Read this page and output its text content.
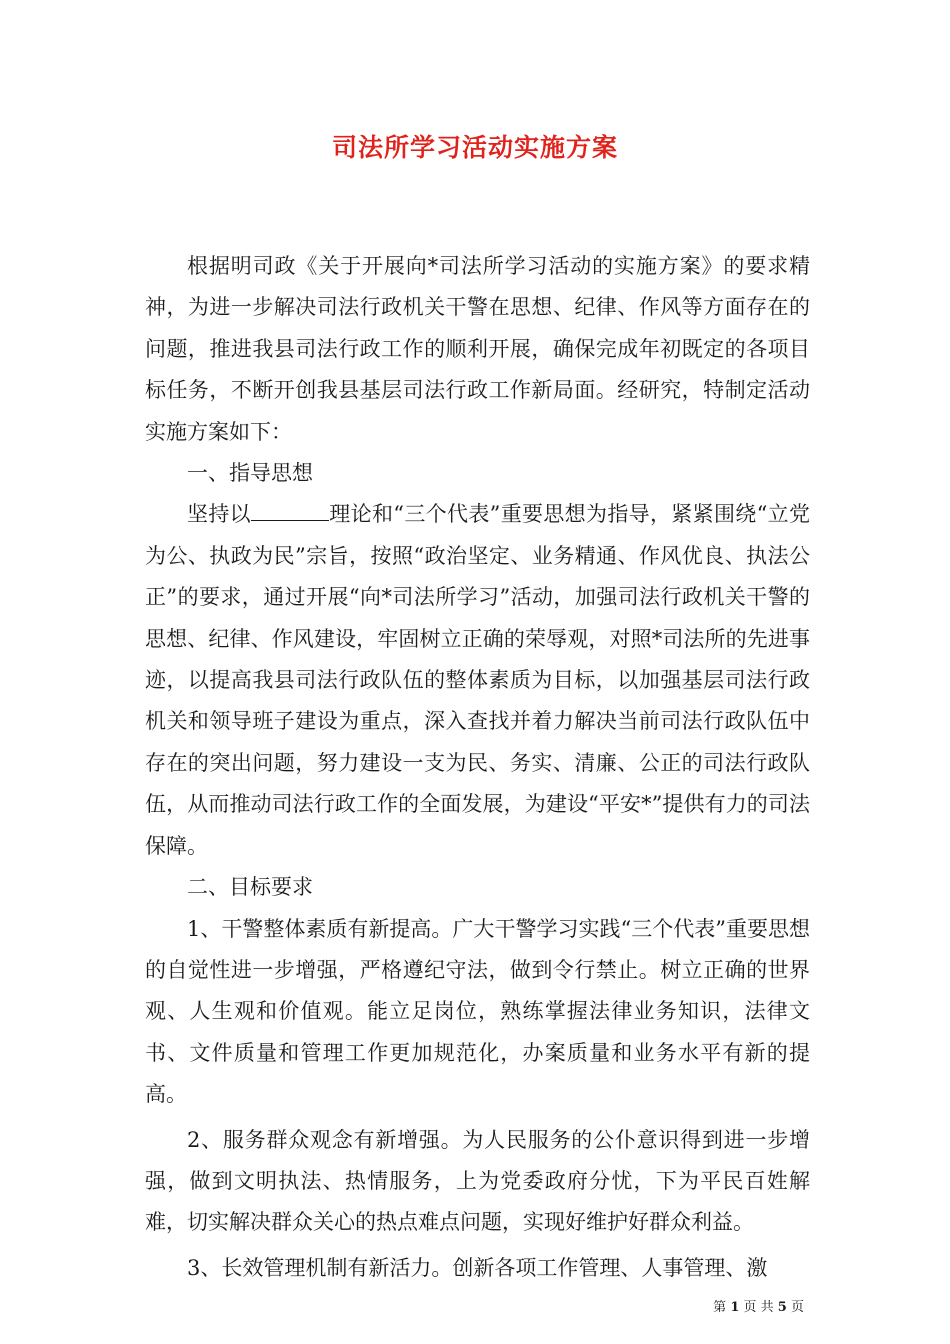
司法所学习活动实施方案

根据明司政《关于开展向*司法所学习活动的实施方案》的要求精神，为进一步解决司法行政机关干警在思想、纪律、作风等方面存在的问题，推进我县司法行政工作的顺利开展，确保完成年初既定的各项目标任务，不断开创我县基层司法行政工作新局面。经研究，特制定活动实施方案如下：

一、指导思想

坚持以	理论和“三个代表”重要思想为指导，紧紧围绕“立党为公、执政为民”宗旨，按照“政治坚定、业务精通、作风优良、执法公正”的要求，通过开展“向*司法所学习”活动，加强司法行政机关干警的思想、纪律、作风建设，牢固树立正确的荣辱观，对照*司法所的先进事迹，以提高我县司法行政队伍的整体素质为目标，以加强基层司法行政机关和领导班子建设为重点，深入查找并着力解决当前司法行政队伍中存在的突出问题，努力建设一支为民、务实、清廉、公正的司法行政队伍，从而推动司法行政工作的全面发展，为建设“平安*”提供有力的司法保障。

二、目标要求

1、干警整体素质有新提高。广大干警学习实践“三个代表”重要思想的自觉性进一步增强，严格遵纪守法，做到令行禁止。树立正确的世界观、人生观和价值观。能立足岗位，熟练掌握法律业务知识，法律文书、文件质量和管理工作更加规范化，办案质量和业务水平有新的提高。

2、服务群众观念有新增强。为人民服务的公仆意识得到进一步增强，做到文明执法、热情服务，上为党委政府分忧，下为平民百姓解难，切实解决群众关心的热点难点问题，实现好维护好群众利益。

3、长效管理机制有新活力。创新各项工作管理、人事管理、激

第 1 页 共 5 页
